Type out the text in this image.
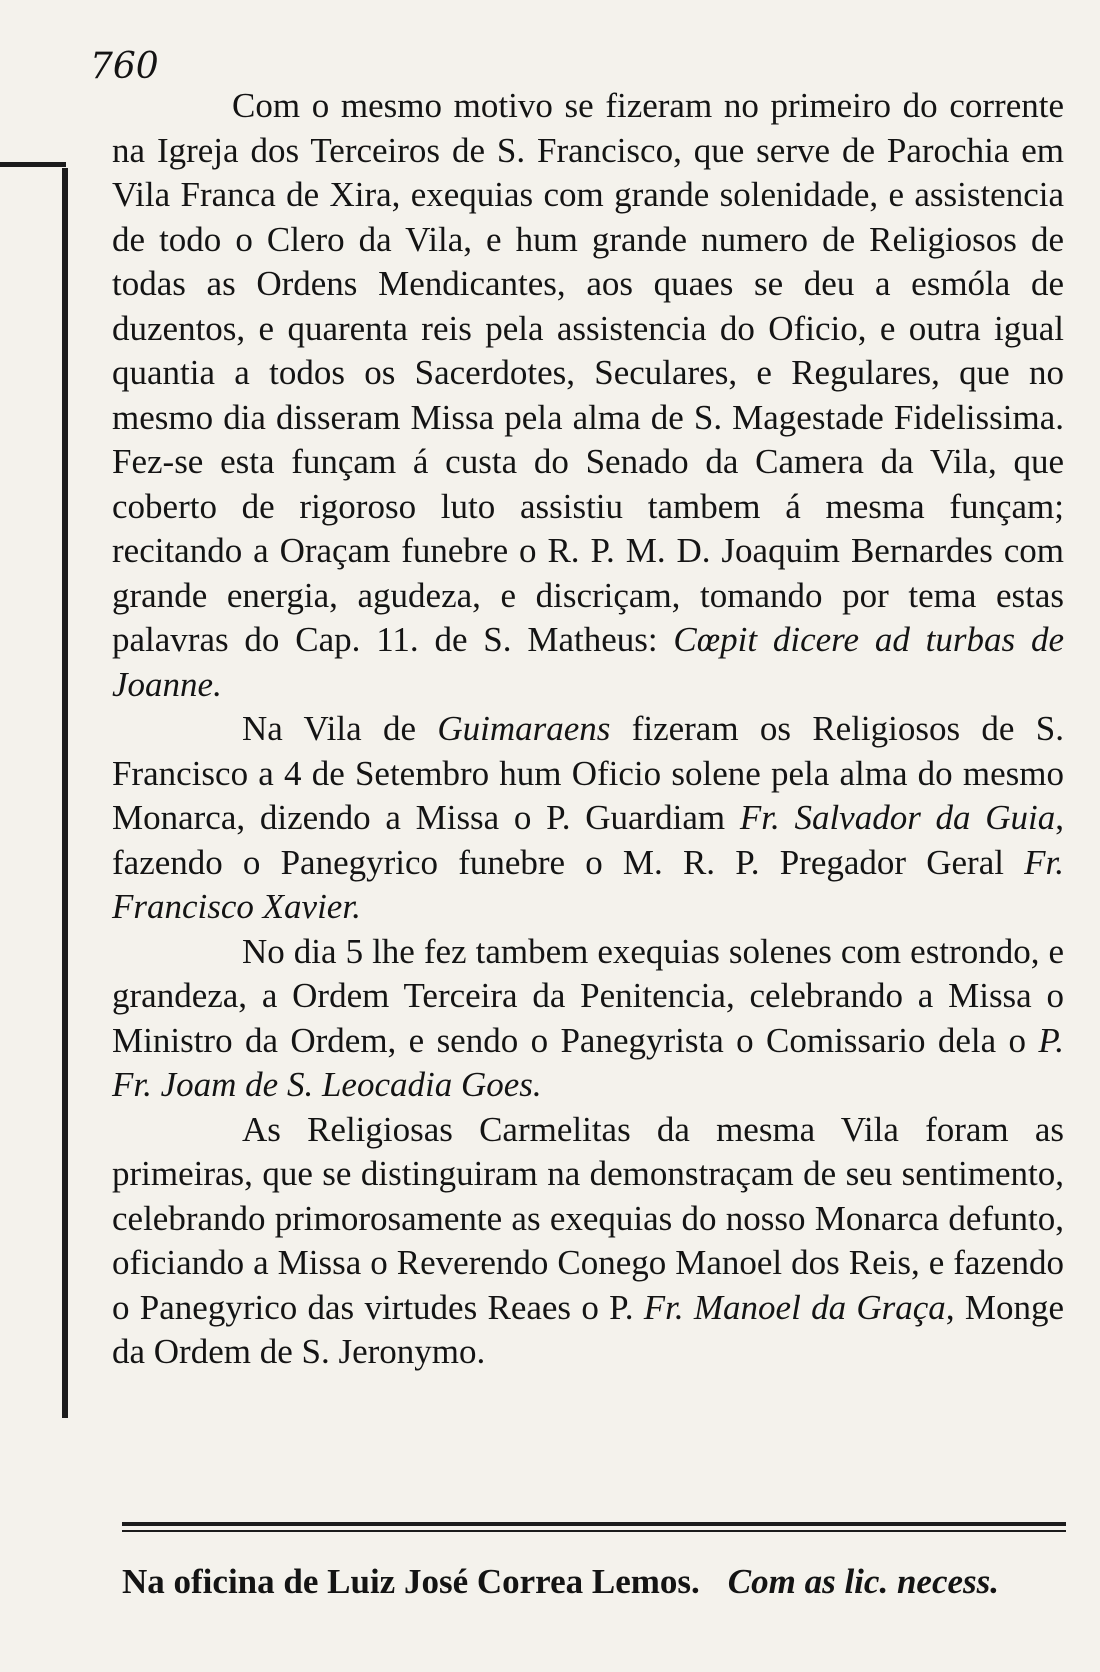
760

Com o mesmo motivo se fizeram no primeiro do corrente na Igreja dos Terceiros de S. Francisco, que serve de Parochia em Vila Franca de Xira, exequias com grande solenidade, e assistencia de todo o Clero da Vila, e hum grande numero de Religiosos de todas as Ordens Mendicantes, aos quaes se deu a esmóla de duzentos, e quarenta reis pela assistencia do Oficio, e outra igual quantia a todos os Sacerdotes, Seculares, e Regulares, que no mesmo dia disseram Missa pela alma de S. Magestade Fidelissima. Fez-se esta funçam á custa do Senado da Camera da Vila, que coberto de rigoroso luto assistiu tambem á mesma funçam; recitando a Oraçam funebre o R. P. M. D. Joaquim Bernardes com grande energia, agudeza, e discriçam, tomando por tema estas palavras do Cap. 11. de S. Matheus: Cœpit dicere ad turbas de Joanne.

Na Vila de Guimaraens fizeram os Religiosos de S. Francisco a 4 de Setembro hum Oficio solene pela alma do mesmo Monarca, dizendo a Missa o P. Guardiam Fr. Salvador da Guia, fazendo o Panegyrico funebre o M. R. P. Pregador Geral Fr. Francisco Xavier.

No dia 5 lhe fez tambem exequias solenes com estrondo, e grandeza, a Ordem Terceira da Penitencia, celebrando a Missa o Ministro da Ordem, e sendo o Panegyrista o Comissario dela o P. Fr. Joam de S. Leocadia Goes.

As Religiosas Carmelitas da mesma Vila foram as primeiras, que se distinguiram na demonstraçam de seu sentimento, celebrando primorosamente as exequias do nosso Monarca defunto, oficiando a Missa o Reverendo Conego Manoel dos Reis, e fazendo o Panegyrico das virtudes Reaes o P. Fr. Manoel da Graça, Monge da Ordem de S. Jeronymo.

Na oficina de Luiz José Correa Lemos. Com as lic. necess.
